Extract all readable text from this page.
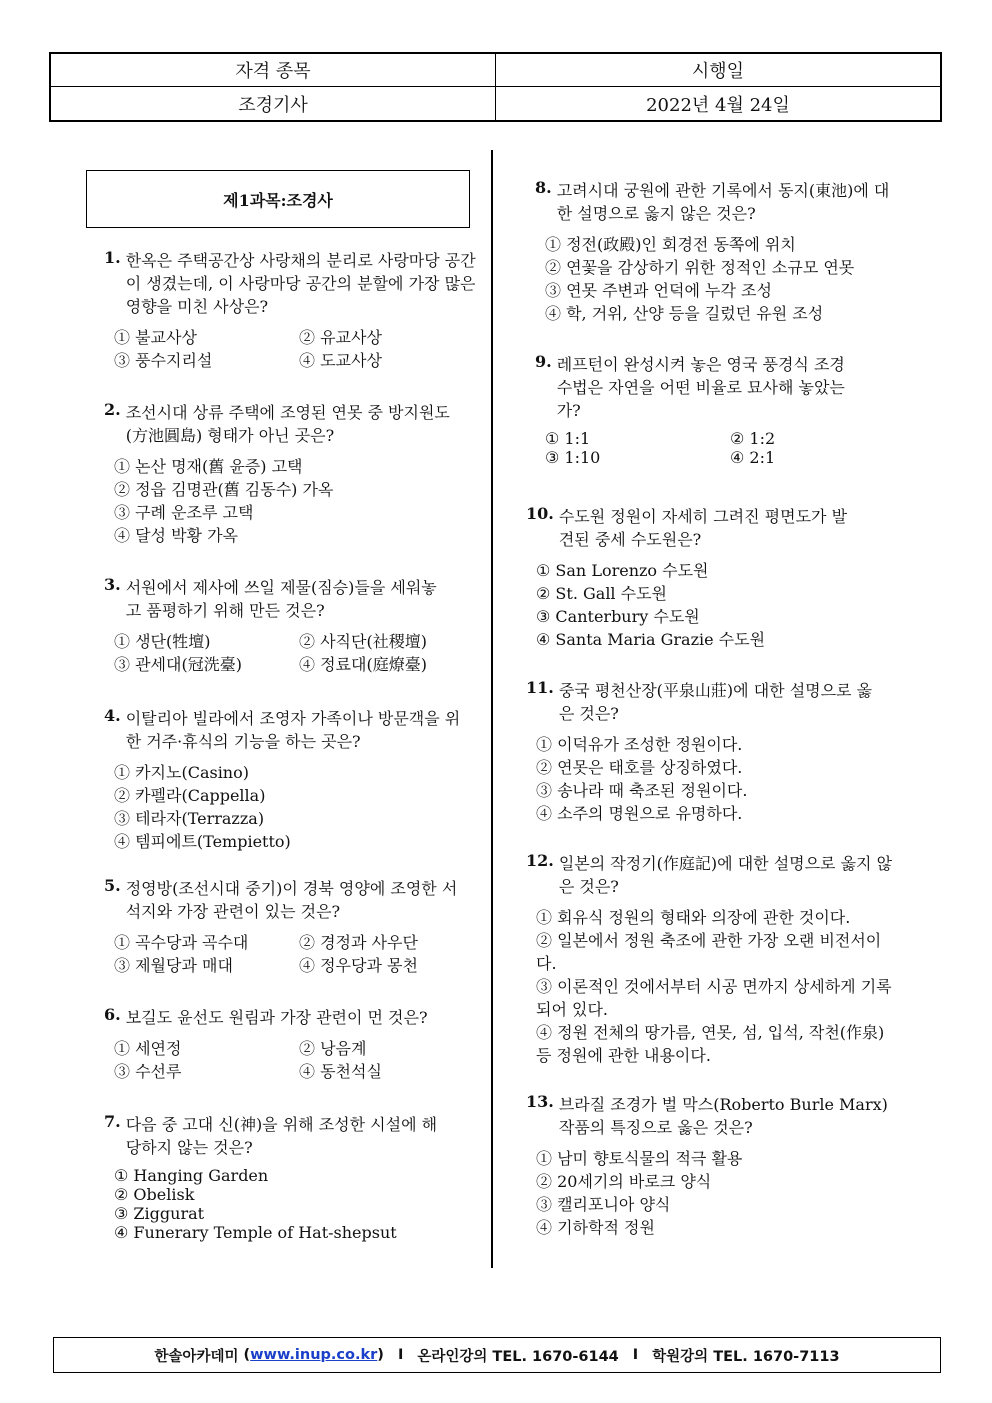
자격 종목	시행일
조경기사	2022년 4월 24일
제1과목:조경사
1. 한옥은 주택공간상 사랑채의 분리로 사랑마당 공간이 생겼는데, 이 사랑마당 공간의 분할에 가장 많은 영향을 미친 사상은?
① 불교사상	② 유교사상
③ 풍수지리설	④ 도교사상
2. 조선시대 상류 주택에 조영된 연못 중 방지원도(方池圓島) 형태가 아닌 곳은?
① 논산 명재(舊 윤증) 고택
② 정읍 김명관(舊 김동수) 가옥
③ 구례 운조루 고택
④ 달성 박황 가옥
3. 서원에서 제사에 쓰일 제물(짐승)들을 세워놓고 품평하기 위해 만든 것은?
① 생단(牲壇)	② 사직단(社稷壇)
③ 관세대(冠洗臺)	④ 정료대(庭燎臺)
4. 이탈리아 빌라에서 조영자 가족이나 방문객을 위한 거주·휴식의 기능을 하는 곳은?
① 카지노(Casino)
② 카펠라(Cappella)
③ 테라자(Terrazza)
④ 템피에트(Tempietto)
5. 정영방(조선시대 중기)이 경북 영양에 조영한 서석지와 가장 관련이 있는 것은?
① 곡수당과 곡수대	② 경정과 사우단
③ 제월당과 매대	④ 정우당과 몽천
6. 보길도 윤선도 원림과 가장 관련이 먼 것은?
① 세연정	② 낭음계
③ 수선루	④ 동천석실
7. 다음 중 고대 신(神)을 위해 조성한 시설에 해당하지 않는 것은?
① Hanging Garden
② Obelisk
③ Ziggurat
④ Funerary Temple of Hat-shepsut
8. 고려시대 궁원에 관한 기록에서 동지(東池)에 대한 설명으로 옳지 않은 것은?
① 정전(政殿)인 회경전 동쪽에 위치
② 연꽃을 감상하기 위한 정적인 소규모 연못
③ 연못 주변과 언덕에 누각 조성
④ 학, 거위, 산양 등을 길렀던 유원 조성
9. 레프턴이 완성시켜 놓은 영국 풍경식 조경수법은 자연을 어떤 비율로 묘사해 놓았는가?
① 1:1	② 1:2
③ 1:10	④ 2:1
10. 수도원 정원이 자세히 그려진 평면도가 발견된 중세 수도원은?
① San Lorenzo 수도원
② St. Gall 수도원
③ Canterbury 수도원
④ Santa Maria Grazie 수도원
11. 중국 평천산장(平泉山莊)에 대한 설명으로 옳은 것은?
① 이덕유가 조성한 정원이다.
② 연못은 태호를 상징하였다.
③ 송나라 때 축조된 정원이다.
④ 소주의 명원으로 유명하다.
12. 일본의 작정기(作庭記)에 대한 설명으로 옳지 않은 것은?
① 회유식 정원의 형태와 의장에 관한 것이다.
② 일본에서 정원 축조에 관한 가장 오랜 비전서이다.
③ 이론적인 것에서부터 시공 면까지 상세하게 기록되어 있다.
④ 정원 전체의 땅가름, 연못, 섬, 입석, 작천(作泉) 등 정원에 관한 내용이다.
13. 브라질 조경가 벌 막스(Roberto Burle Marx) 작품의 특징으로 옳은 것은?
① 남미 향토식물의 적극 활용
② 20세기의 바로크 양식
③ 캘리포니아 양식
④ 기하학적 정원
한솔아카데미 ( www.inup.co.kr ) I 온라인강의 TEL. 1670-6144 I 학원강의 TEL. 1670-7113
